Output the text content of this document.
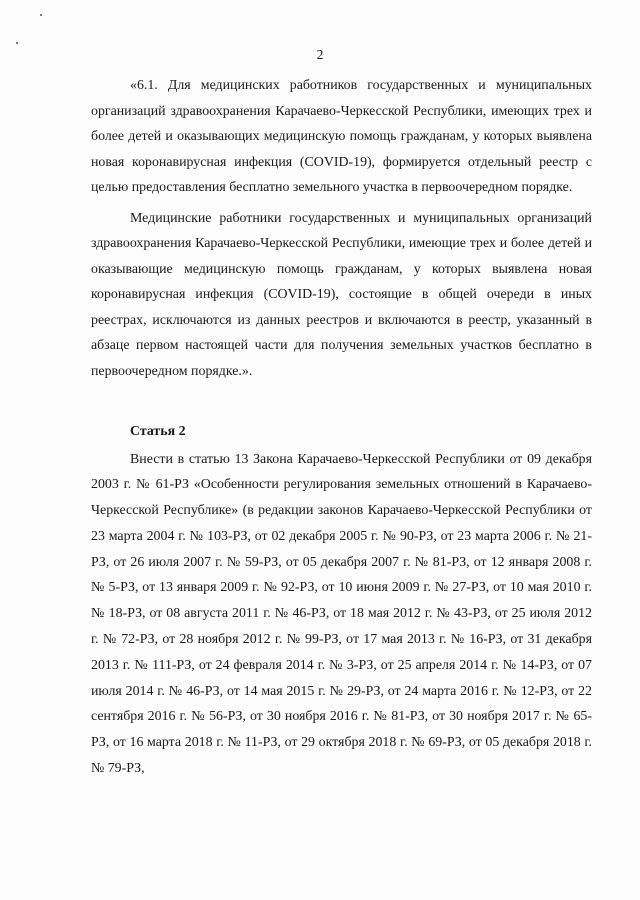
2

«6.1. Для медицинских работников государственных и муниципальных организаций здравоохранения Карачаево-Черкесской Республики, имеющих трех и более детей и оказывающих медицинскую помощь гражданам, у которых выявлена новая коронавирусная инфекция (COVID-19), формируется отдельный реестр с целью предоставления бесплатно земельного участка в первоочередном порядке.

Медицинские работники государственных и муниципальных организаций здравоохранения Карачаево-Черкесской Республики, имеющие трех и более детей и оказывающие медицинскую помощь гражданам, у которых выявлена новая коронавирусная инфекция (COVID-19), состоящие в общей очереди в иных реестрах, исключаются из данных реестров и включаются в реестр, указанный в абзаце первом настоящей части для получения земельных участков бесплатно в первоочередном порядке.».

Статья 2

Внести в статью 13 Закона Карачаево-Черкесской Республики от 09 декабря 2003 г. № 61-РЗ «Особенности регулирования земельных отношений в Карачаево-Черкесской Республике» (в редакции законов Карачаево-Черкесской Республики от 23 марта 2004 г. № 103-РЗ, от 02 декабря 2005 г. № 90-РЗ, от 23 марта 2006 г. № 21-РЗ, от 26 июля 2007 г. № 59-РЗ, от 05 декабря 2007 г. № 81-РЗ, от 12 января 2008 г. № 5-РЗ, от 13 января 2009 г. № 92-РЗ, от 10 июня 2009 г. № 27-РЗ, от 10 мая 2010 г. № 18-РЗ, от 08 августа 2011 г. № 46-РЗ, от 18 мая 2012 г. № 43-РЗ, от 25 июля 2012 г. № 72-РЗ, от 28 ноября 2012 г. № 99-РЗ, от 17 мая 2013 г. № 16-РЗ, от 31 декабря 2013 г. № 111-РЗ, от 24 февраля 2014 г. № 3-РЗ, от 25 апреля 2014 г. № 14-РЗ, от 07 июля 2014 г. № 46-РЗ, от 14 мая 2015 г. № 29-РЗ, от 24 марта 2016 г. № 12-РЗ, от 22 сентября 2016 г. № 56-РЗ, от 30 ноября 2016 г. № 81-РЗ, от 30 ноября 2017 г. № 65-РЗ, от 16 марта 2018 г. № 11-РЗ, от 29 октября 2018 г. № 69-РЗ, от 05 декабря 2018 г. № 79-РЗ,
